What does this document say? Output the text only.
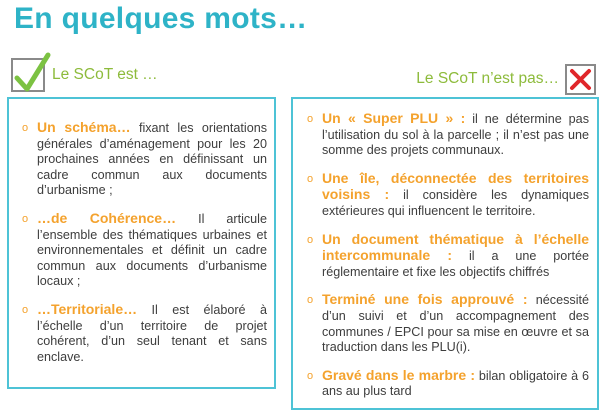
En quelques mots…
Le SCoT est …	Le SCoT n’est pas…
o Un schéma… fixant les orientations générales d’aménagement pour les 20 prochaines années en définissant un cadre commun aux documents d’urbanisme ;
o …de Cohérence… Il articule l’ensemble des thématiques urbaines et environnementales et définit un cadre commun aux documents d’urbanisme locaux ;
o …Territoriale… Il est élaboré à l’échelle d’un territoire de projet cohérent, d’un seul tenant et sans enclave.
o Un « Super PLU » : il ne détermine pas l’utilisation du sol à la parcelle ; il n’est pas une somme des projets communaux.
o Une île, déconnectée des territoires voisins : il considère les dynamiques extérieures qui influencent le territoire.
o Un document thématique à l’échelle intercommunale : il a une portée réglementaire et fixe les objectifs chiffrés
o Terminé une fois approuvé : nécessité d’un suivi et d’un accompagnement des communes / EPCI pour sa mise en œuvre et sa traduction dans les PLU(i).
o Gravé dans le marbre : bilan obligatoire à 6 ans au plus tard
